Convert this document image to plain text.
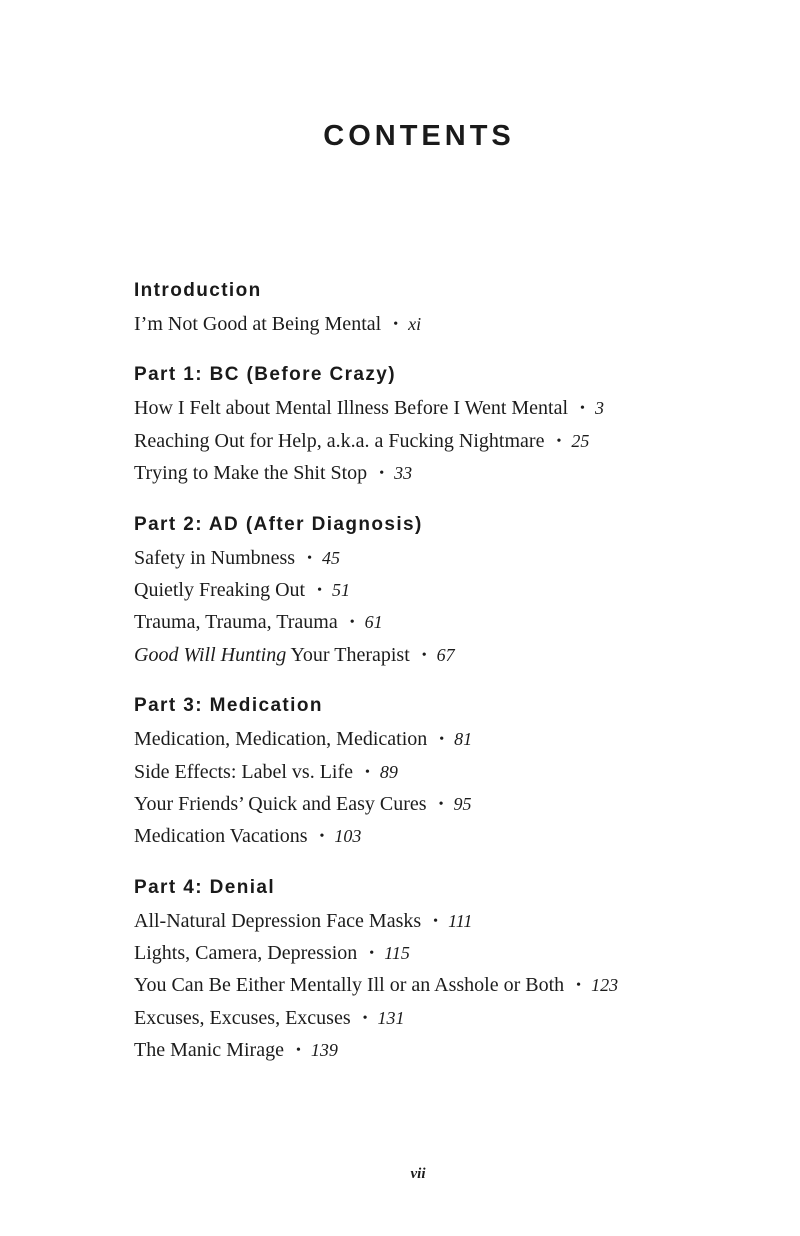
CONTENTS
Introduction
I’m Not Good at Being Mental • xi
Part 1: BC (Before Crazy)
How I Felt about Mental Illness Before I Went Mental • 3
Reaching Out for Help, a.k.a. a Fucking Nightmare • 25
Trying to Make the Shit Stop • 33
Part 2: AD (After Diagnosis)
Safety in Numbness • 45
Quietly Freaking Out • 51
Trauma, Trauma, Trauma • 61
Good Will Hunting Your Therapist • 67
Part 3: Medication
Medication, Medication, Medication • 81
Side Effects: Label vs. Life • 89
Your Friends’ Quick and Easy Cures • 95
Medication Vacations • 103
Part 4: Denial
All-Natural Depression Face Masks • 111
Lights, Camera, Depression • 115
You Can Be Either Mentally Ill or an Asshole or Both • 123
Excuses, Excuses, Excuses • 131
The Manic Mirage • 139
vii
